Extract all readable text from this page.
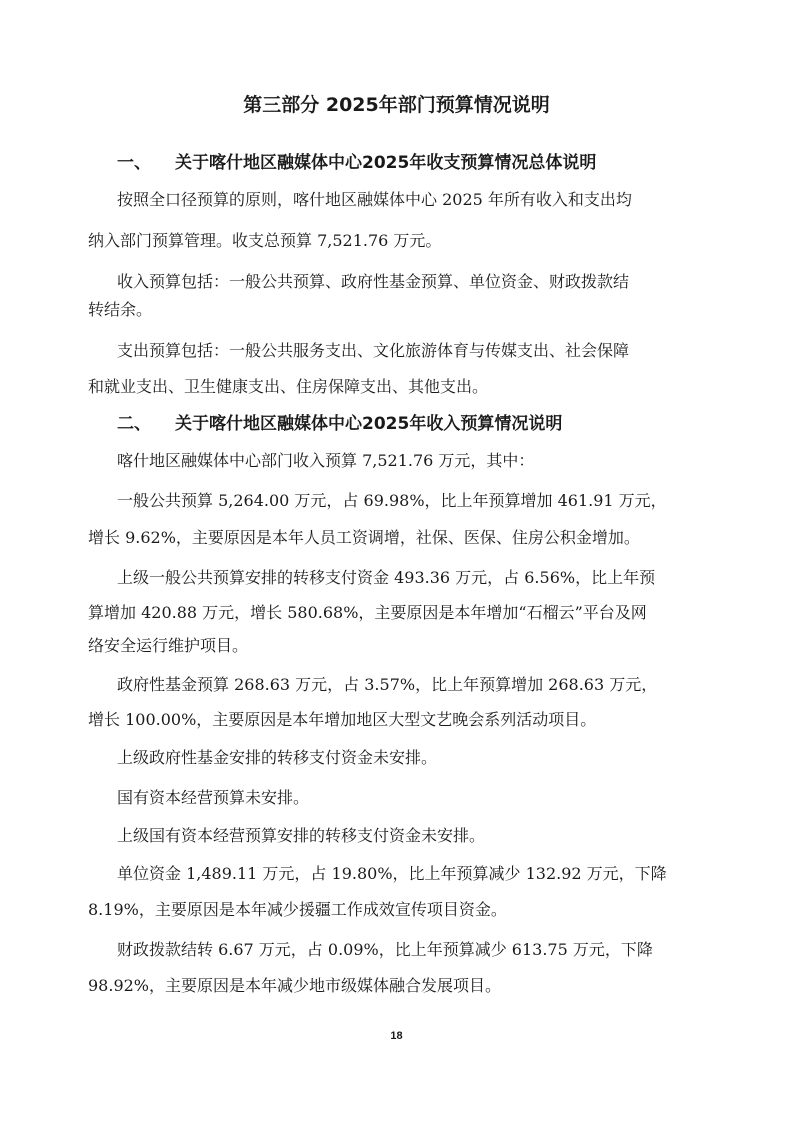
第三部分 2025年部门预算情况说明
一、 关于喀什地区融媒体中心2025年收支预算情况总体说明
按照全口径预算的原则，喀什地区融媒体中心 2025 年所有收入和支出均
纳入部门预算管理。收支总预算 7,521.76 万元。
收入预算包括：一般公共预算、政府性基金预算、单位资金、财政拨款结
转结余。
支出预算包括：一般公共服务支出、文化旅游体育与传媒支出、社会保障
和就业支出、卫生健康支出、住房保障支出、其他支出。
二、 关于喀什地区融媒体中心2025年收入预算情况说明
喀什地区融媒体中心部门收入预算 7,521.76 万元，其中：
一般公共预算 5,264.00 万元，占 69.98%，比上年预算增加 461.91 万元，
增长 9.62%，主要原因是本年人员工资调增，社保、医保、住房公积金增加。
上级一般公共预算安排的转移支付资金 493.36 万元，占 6.56%，比上年预
算增加 420.88 万元，增长 580.68%，主要原因是本年增加“石榴云”平台及网
络安全运行维护项目。
政府性基金预算 268.63 万元，占 3.57%，比上年预算增加 268.63 万元，
增长 100.00%，主要原因是本年增加地区大型文艺晚会系列活动项目。
上级政府性基金安排的转移支付资金未安排。
国有资本经营预算未安排。
上级国有资本经营预算安排的转移支付资金未安排。
单位资金 1,489.11 万元，占 19.80%，比上年预算减少 132.92 万元，下降
8.19%，主要原因是本年减少援疆工作成效宣传项目资金。
财政拨款结转 6.67 万元，占 0.09%，比上年预算减少 613.75 万元，下降
98.92%，主要原因是本年减少地市级媒体融合发展项目。
18
